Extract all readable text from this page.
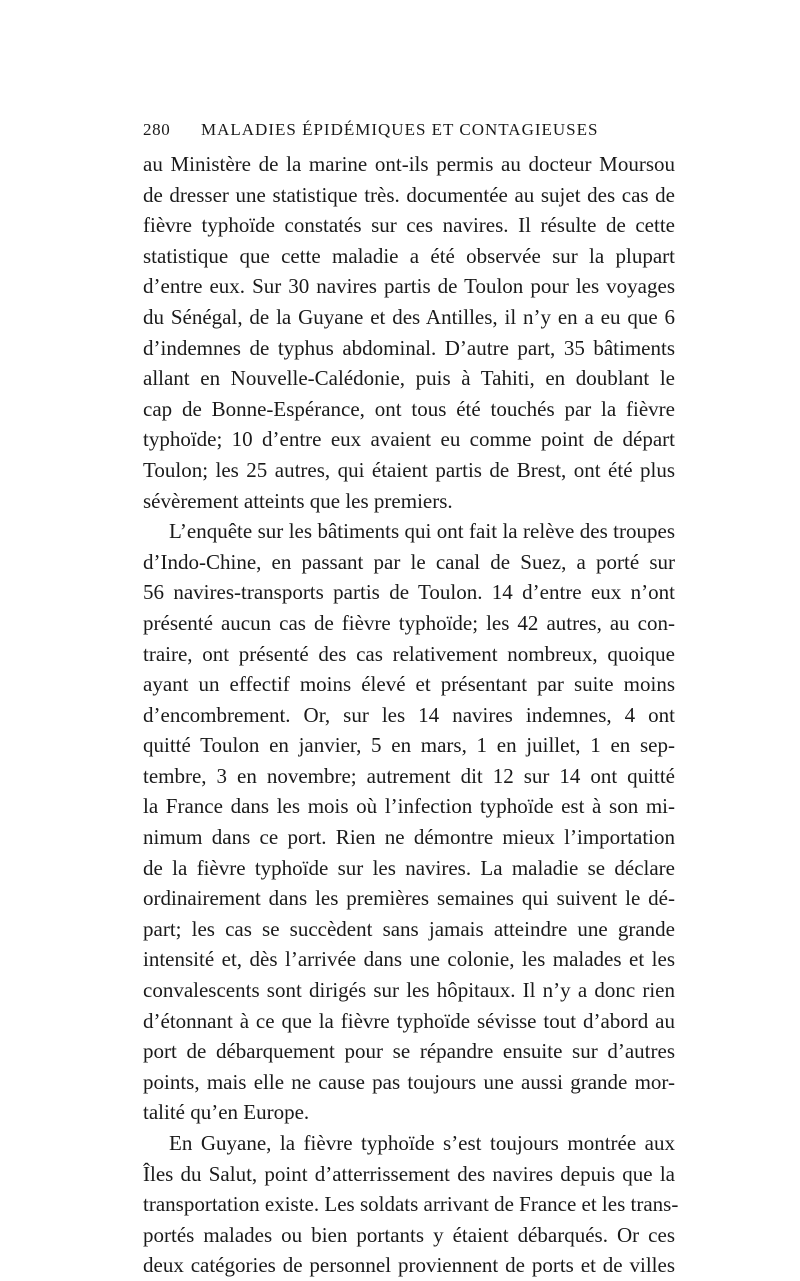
280 MALADIES ÉPIDÉMIQUES ET CONTAGIEUSES
au Ministère de la marine ont-ils permis au docteur Moursou
de dresser une statistique très. documentée au sujet des cas de
fièvre typhoïde constatés sur ces navires. Il résulte de cette
statistique que cette maladie a été observée sur la plupart
d’entre eux. Sur 30 navires partis de Toulon pour les voyages
du Sénégal, de la Guyane et des Antilles, il n’y en a eu que 6
d’indemnes de typhus abdominal. D’autre part, 35 bâtiments
allant en Nouvelle-Calédonie, puis à Tahiti, en doublant le
cap de Bonne-Espérance, ont tous été touchés par la fièvre
typhoïde; 10 d’entre eux avaient eu comme point de départ
Toulon; les 25 autres, qui étaient partis de Brest, ont été plus
sévèrement atteints que les premiers.
L’enquête sur les bâtiments qui ont fait la relève des troupes
d’Indo-Chine, en passant par le canal de Suez, a porté sur
56 navires-transports partis de Toulon. 14 d’entre eux n’ont
présenté aucun cas de fièvre typhoïde; les 42 autres, au con-
traire, ont présenté des cas relativement nombreux, quoique
ayant un effectif moins élevé et présentant par suite moins
d’encombrement. Or, sur les 14 navires indemnes, 4 ont
quitté Toulon en janvier, 5 en mars, 1 en juillet, 1 en sep-
tembre, 3 en novembre; autrement dit 12 sur 14 ont quitté
la France dans les mois où l’infection typhoïde est à son mi-
nimum dans ce port. Rien ne démontre mieux l’importation
de la fièvre typhoïde sur les navires. La maladie se déclare
ordinairement dans les premières semaines qui suivent le dé-
part; les cas se succèdent sans jamais atteindre une grande
intensité et, dès l’arrivée dans une colonie, les malades et les
convalescents sont dirigés sur les hôpitaux. Il n’y a donc rien
d’étonnant à ce que la fièvre typhoïde sévisse tout d’abord au
port de débarquement pour se répandre ensuite sur d’autres
points, mais elle ne cause pas toujours une aussi grande mor-
talité qu’en Europe.
En Guyane, la fièvre typhoïde s’est toujours montrée aux
Îles du Salut, point d’atterrissement des navires depuis que la
transportation existe. Les soldats arrivant de France et les trans-
portés malades ou bien portants y étaient débarqués. Or ces
deux catégories de personnel proviennent de ports et de villes
